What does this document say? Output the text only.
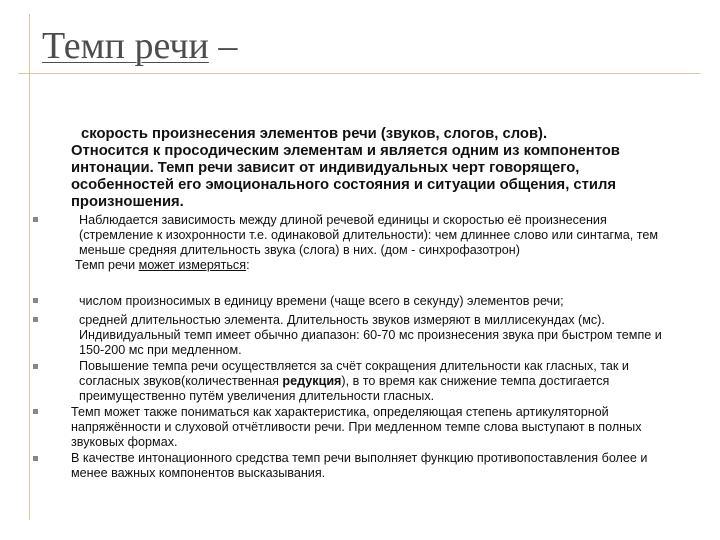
Темп речи –
скорость произнесения элементов речи (звуков, слогов, слов).
Относится к просодическим элементам и является одним из компонентов интонации. Темп речи зависит от индивидуальных черт говорящего, особенностей его эмоционального состояния и ситуации общения, стиля произношения.
Наблюдается зависимость между длиной речевой единицы и скоростью её произнесения (стремление к изохронности т.е. одинаковой длительности): чем длиннее слово или синтагма, тем меньше средняя длительность звука (слога) в них. (дом - синхрофазотрон)
Темп речи может измеряться:
числом произносимых в единицу времени (чаще всего в секунду) элементов речи;
средней длительностью элемента. Длительность звуков измеряют в миллисекундах (мс). Индивидуальный темп имеет обычно диапазон: 60-70 мс произнесения звука при быстром темпе и 150-200 мс при медленном.
Повышение темпа речи осуществляется за счёт сокращения длительности как гласных, так и согласных звуков(количественная редукция), в то время как снижение темпа достигается преимущественно путём увеличения длительности гласных.
Темп может также пониматься как характеристика, определяющая степень артикуляторной напряжённости и слуховой отчётливости речи. При медленном темпе слова выступают в полных звуковых формах.
В качестве интонационного средства темп речи выполняет функцию противопоставления более и менее важных компонентов высказывания.
